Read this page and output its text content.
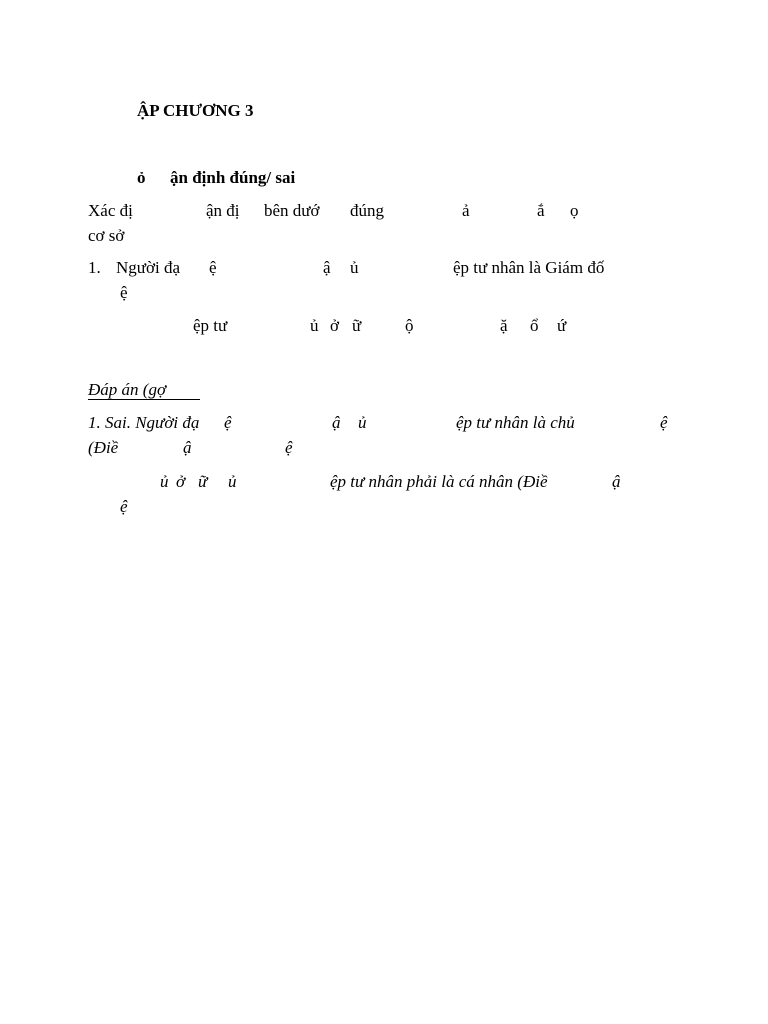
ẬP CHƯƠNG 3
ỏ ận định đúng/ sai
Xác đị	ận đị bên dướ đúng	ả	ắ ọ
cơ sở
1. Người đạ ệ	ậ ủ	ệp tư nhân là Giám đố
ệ
ệp tư	ủ ở ữ	ộ	ặ ổ ứ
Đáp án (gợ
1. Sai. Người đạ ệ	ậ ủ	ệp tư nhân là chủ	ệ
(Điề	ậ	ệ
ủ ở ữ ủ	ệp tư nhân phải là cá nhân (Điề	ậ
ệ
